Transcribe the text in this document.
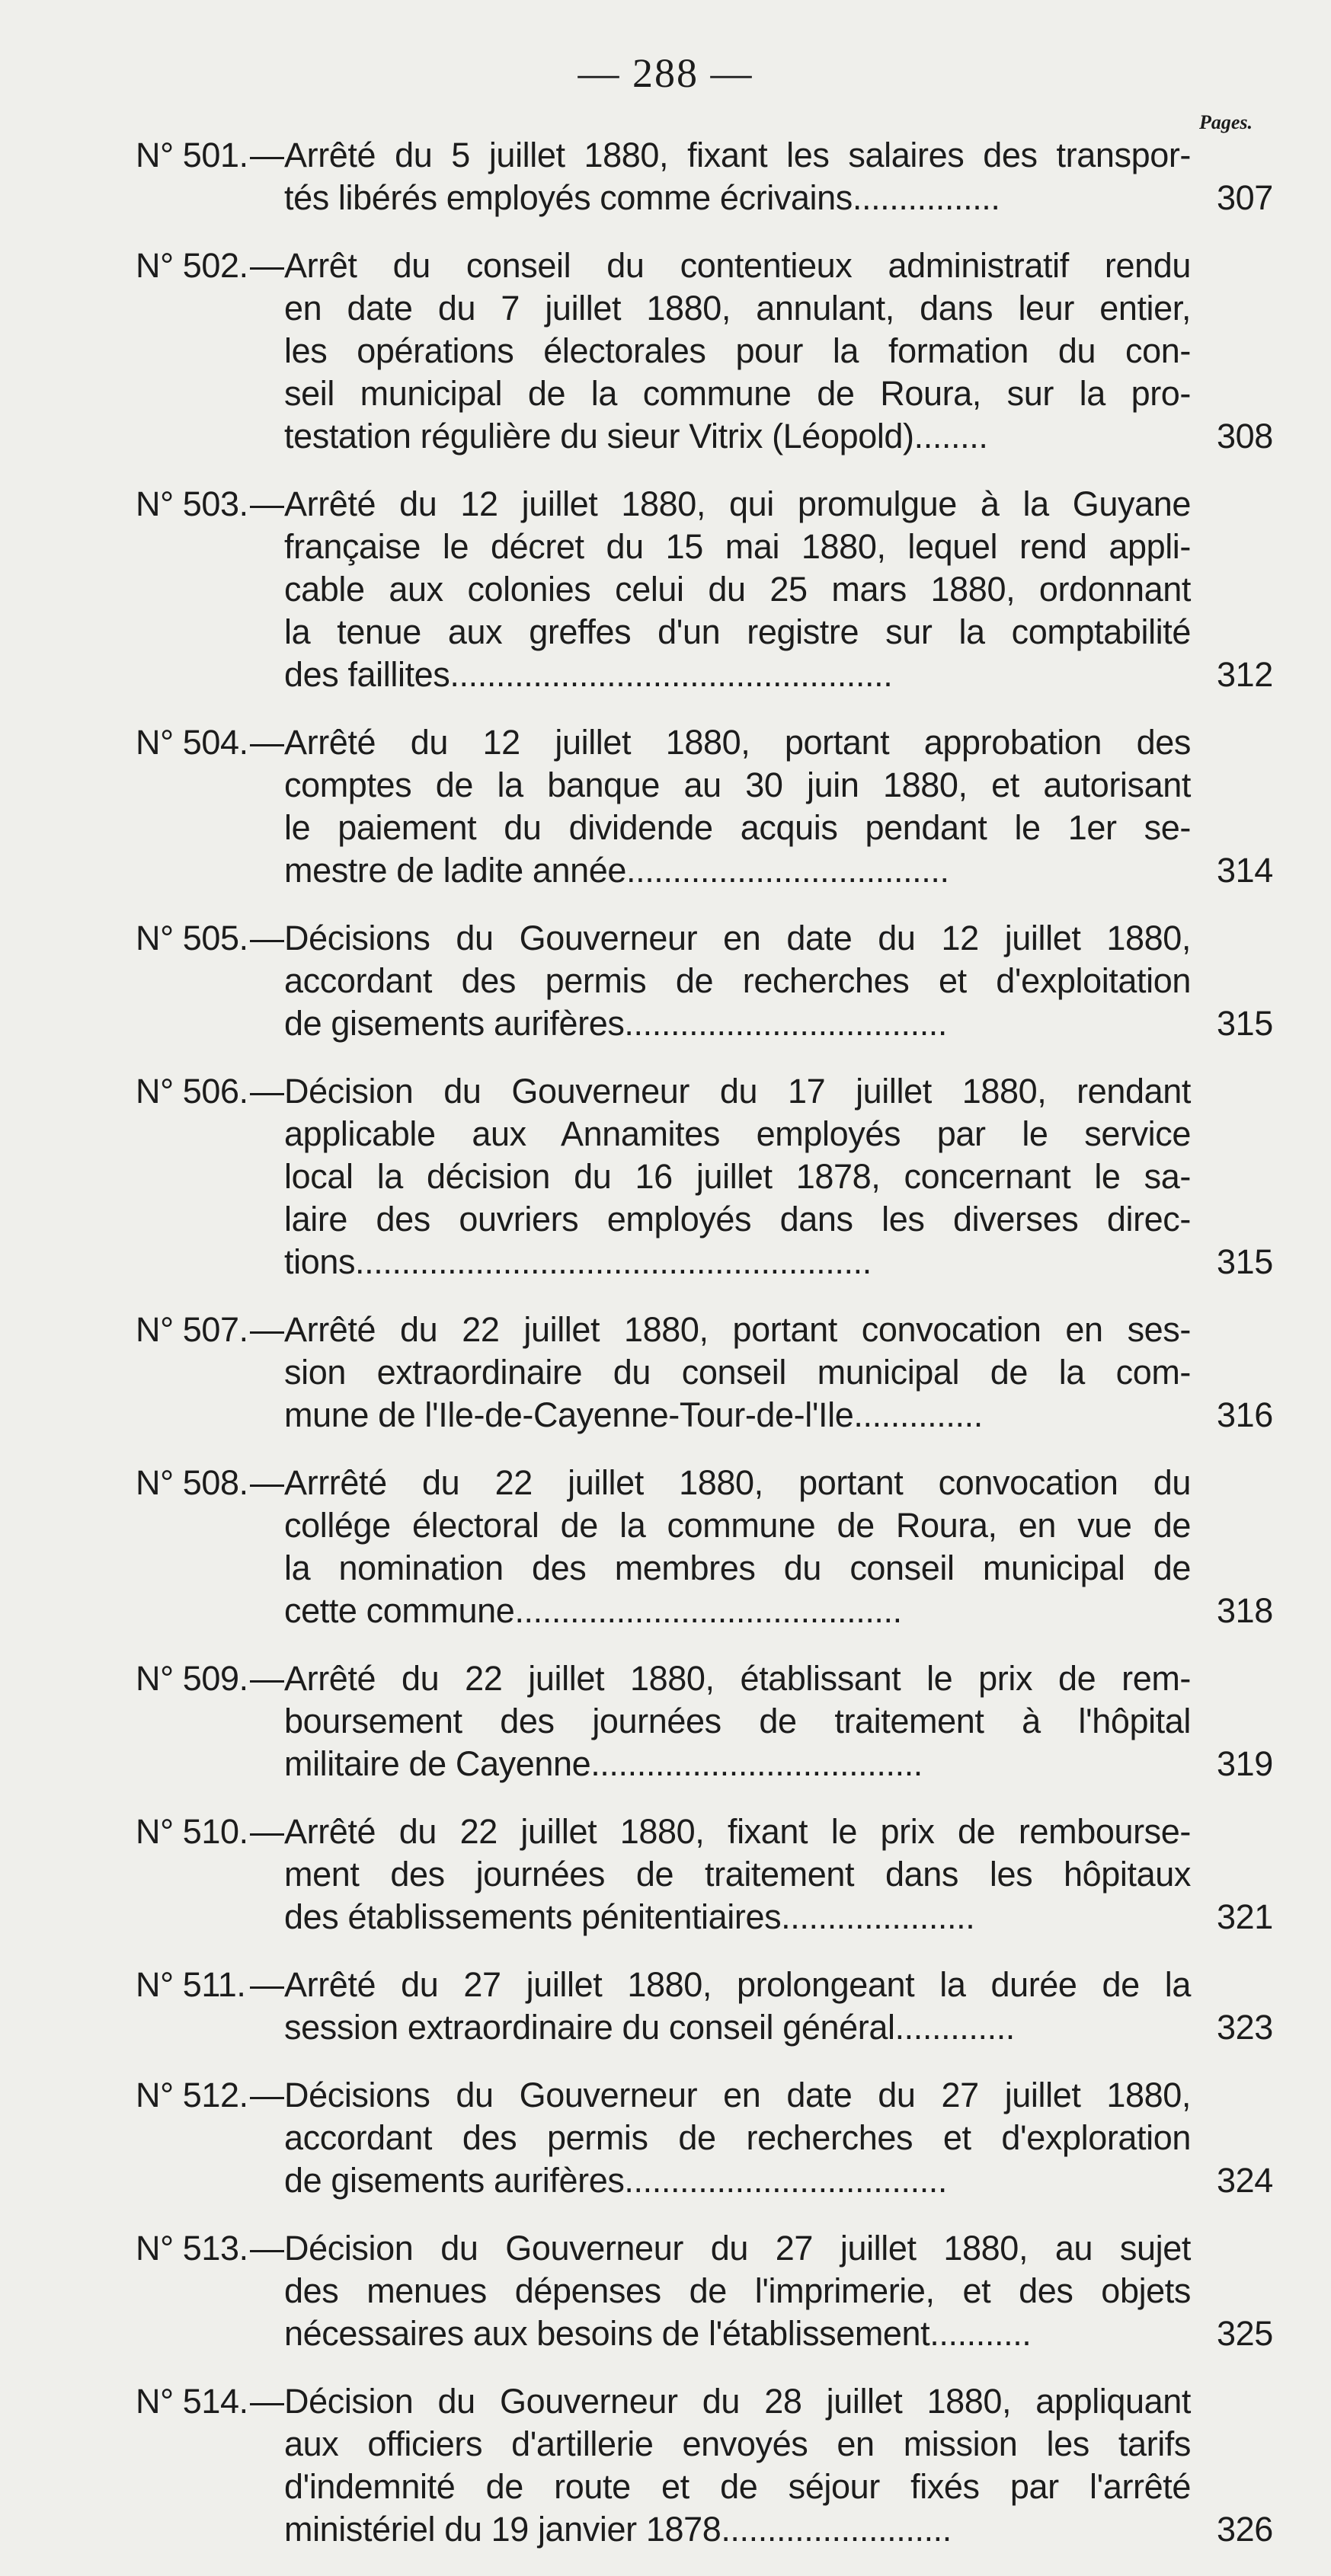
— 288 —
Pages.
N° 501. — Arrêté du 5 juillet 1880, fixant les salaires des transpor-
tés libérés employés comme écrivains................	307
N° 502. — Arrêt du conseil du contentieux administratif rendu
en date du 7 juillet 1880, annulant, dans leur entier,
les opérations électorales pour la formation du con-
seil municipal de la commune de Roura, sur la pro-
testation régulière du sieur Vitrix (Léopold)........	308
N° 503. — Arrêté du 12 juillet 1880, qui promulgue à la Guyane
française le décret du 15 mai 1880, lequel rend appli-
cable aux colonies celui du 25 mars 1880, ordonnant
la tenue aux greffes d'un registre sur la comptabilité
des faillites................................................	312
N° 504. — Arrêté du 12 juillet 1880, portant approbation des
comptes de la banque au 30 juin 1880, et autorisant
le paiement du dividende acquis pendant le 1er se-
mestre de ladite année...................................	314
N° 505. — Décisions du Gouverneur en date du 12 juillet 1880,
accordant des permis de recherches et d'exploitation
de gisements aurifères...................................	315
N° 506. — Décision du Gouverneur du 17 juillet 1880, rendant
applicable aux Annamites employés par le service
local la décision du 16 juillet 1878, concernant le sa-
laire des ouvriers employés dans les diverses direc-
tions........................................................	315
N° 507. — Arrêté du 22 juillet 1880, portant convocation en ses-
sion extraordinaire du conseil municipal de la com-
mune de l'Ile-de-Cayenne-Tour-de-l'Ile..............	316
N° 508. — Arrrêté du 22 juillet 1880, portant convocation du
collége électoral de la commune de Roura, en vue de
la nomination des membres du conseil municipal de
cette commune..........................................	318
N° 509. — Arrêté du 22 juillet 1880, établissant le prix de rem-
boursement des journées de traitement à l'hôpital
militaire de Cayenne....................................	319
N° 510. — Arrêté du 22 juillet 1880, fixant le prix de rembourse-
ment des journées de traitement dans les hôpitaux
des établissements pénitentiaires.....................	321
N° 511. — Arrêté du 27 juillet 1880, prolongeant la durée de la
session extraordinaire du conseil général.............	323
N° 512. — Décisions du Gouverneur en date du 27 juillet 1880,
accordant des permis de recherches et d'exploration
de gisements aurifères...................................	324
N° 513. — Décision du Gouverneur du 27 juillet 1880, au sujet
des menues dépenses de l'imprimerie, et des objets
nécessaires aux besoins de l'établissement...........	325
N° 514. — Décision du Gouverneur du 28 juillet 1880, appliquant
aux officiers d'artillerie envoyés en mission les tarifs
d'indemnité de route et de séjour fixés par l'arrêté
ministériel du 19 janvier 1878.........................	326
